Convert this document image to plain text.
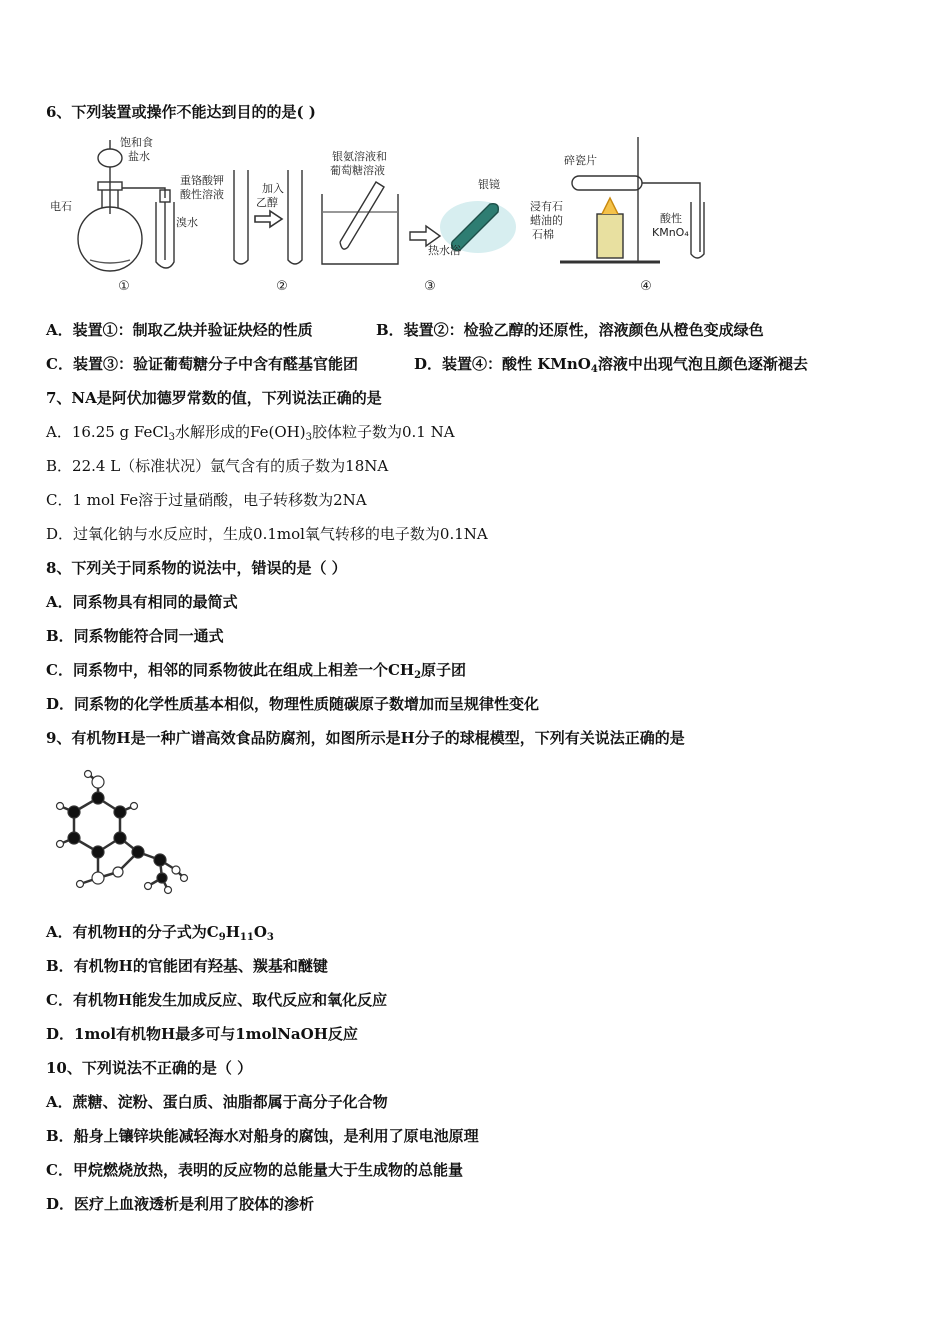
6、下列装置或操作不能达到目的的是( )
饱和食
盐水
电石
溴水
重铬酸钾
酸性溶液	加入
乙醇
银氨溶液和
葡萄糖溶液
银镜
热水浴
碎瓷片
浸有石
蜡油的
石棉
酸性
KMnO₄
①	②	③	④
A．装置①：制取乙炔并验证炔烃的性质	B．装置②：检验乙醇的还原性，溶液颜色从橙色变成绿色
C．装置③：验证葡萄糖分子中含有醛基官能团	D．装置④：酸性 KMnO$_4$溶液中出现气泡且颜色逐渐褪去
7、NA是阿伏加德罗常数的值，下列说法正确的是
A．16.25 g FeCl$_3$水解形成的$Fe(OH)_3$胶体粒子数为0.1 NA
B．22.4 L（标准状况）氩气含有的质子数为18NA
C．1 mol Fe溶于过量硝酸，电子转移数为2NA
D．过氧化钠与水反应时，生成0.1mol氧气转移的电子数为0.1NA
8、下列关于同系物的说法中，错误的是（ ）
A．同系物具有相同的最简式
B．同系物能符合同一通式
C．同系物中，相邻的同系物彼此在组成上相差一个$CH_2$原子团
D．同系物的化学性质基本相似，物理性质随碳原子数增加而呈规律性变化
9、有机物H是一种广谱高效食品防腐剂，如图所示是H分子的球棍模型，下列有关说法正确的是
A．有机物H的分子式为$C_9H_{11}O_3$
B．有机物H的官能团有羟基、羰基和醚键
C．有机物H能发生加成反应、取代反应和氧化反应
D．1mol有机物H最多可与1molNaOH反应
10、下列说法不正确的是（ ）
A．蔗糖、淀粉、蛋白质、油脂都属于高分子化合物
B．船身上镶锌块能减轻海水对船身的腐蚀，是利用了原电池原理
C．甲烷燃烧放热，表明的反应物的总能量大于生成物的总能量
D．医疗上血液透析是利用了胶体的渗析
